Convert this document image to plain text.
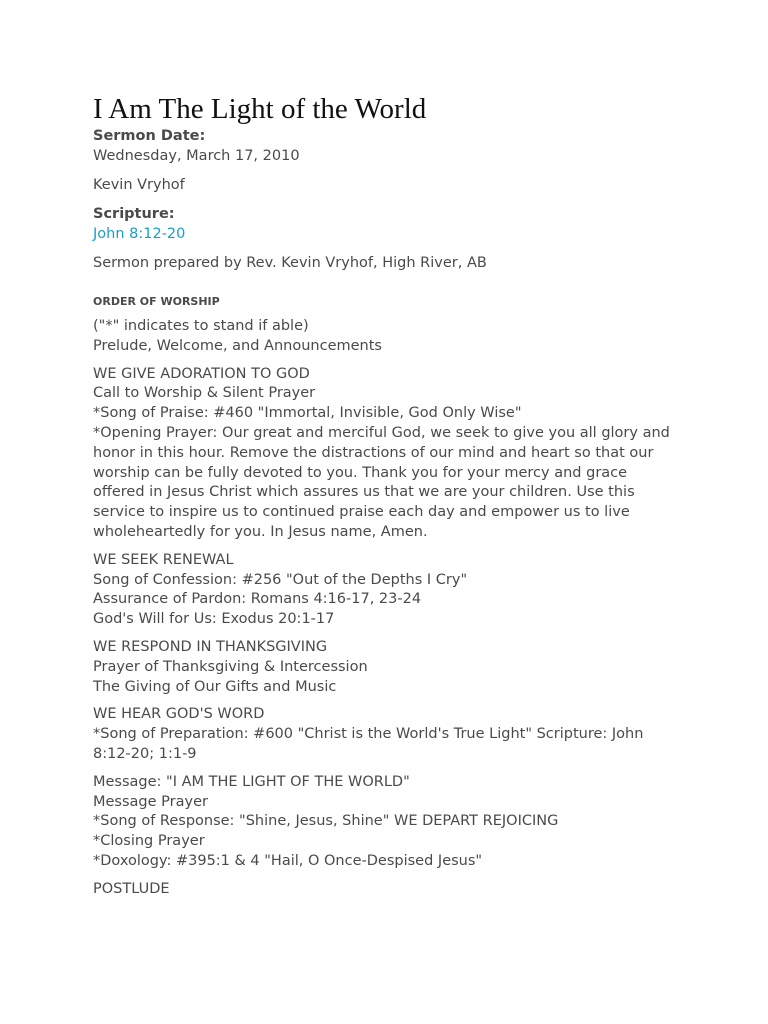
I Am The Light of the World
Sermon Date:
Wednesday, March 17, 2010
Kevin Vryhof
Scripture:
John 8:12-20
Sermon prepared by Rev. Kevin Vryhof, High River, AB
ORDER OF WORSHIP
("*" indicates to stand if able)
Prelude, Welcome, and Announcements
WE GIVE ADORATION TO GOD
Call to Worship & Silent Prayer
*Song of Praise: #460 "Immortal, Invisible, God Only Wise"
*Opening Prayer: Our great and merciful God, we seek to give you all glory and
honor in this hour. Remove the distractions of our mind and heart so that our
worship can be fully devoted to you. Thank you for your mercy and grace
offered in Jesus Christ which assures us that we are your children. Use this
service to inspire us to continued praise each day and empower us to live
wholeheartedly for you. In Jesus name, Amen.
WE SEEK RENEWAL
Song of Confession: #256 "Out of the Depths I Cry"
Assurance of Pardon: Romans 4:16-17, 23-24
God's Will for Us: Exodus 20:1-17
WE RESPOND IN THANKSGIVING
Prayer of Thanksgiving & Intercession
The Giving of Our Gifts and Music
WE HEAR GOD'S WORD
*Song of Preparation: #600 "Christ is the World's True Light" Scripture: John
8:12-20; 1:1-9
Message: "I AM THE LIGHT OF THE WORLD"
Message Prayer
*Song of Response: "Shine, Jesus, Shine" WE DEPART REJOICING
*Closing Prayer
*Doxology: #395:1 & 4 "Hail, O Once-Despised Jesus"
POSTLUDE
